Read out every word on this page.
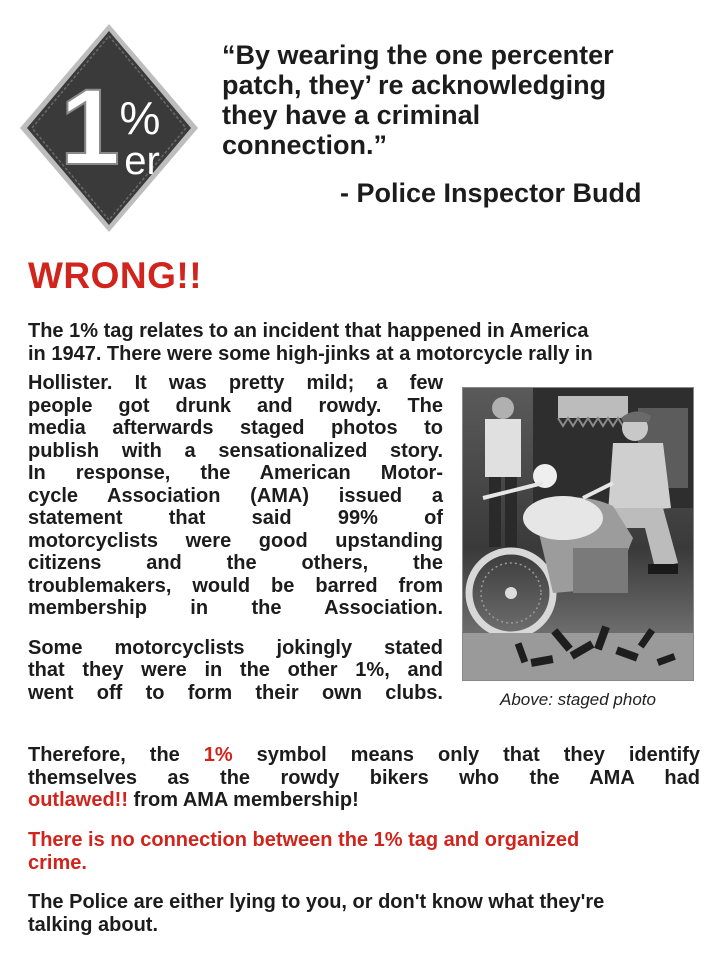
1 %
er
“By wearing the one percenter
patch, they’ re acknowledging
they have a criminal
connection.”
- Police Inspector Budd
WRONG!!
The 1% tag relates to an incident that happened in America
in 1947. There were some high-jinks at a motorcycle rally in
Hollister. It was pretty mild; a few
people got drunk and rowdy. The
media afterwards staged photos to
publish with a sensationalized story.
In response, the American Motor-
cycle Association (AMA) issued a
statement that said 99% of
motorcyclists were good upstanding
citizens and the others, the
troublemakers, would be barred from
membership in the Association.
Some motorcyclists jokingly stated
that they were in the other 1%, and
went off to form their own clubs.	Above: staged photo
Therefore, the 1% symbol means only that they identify
themselves as the rowdy bikers who the AMA had
outlawed!! from AMA membership!
There is no connection between the 1% tag and organized
crime.
The Police are either lying to you, or don't know what they're
talking about.
